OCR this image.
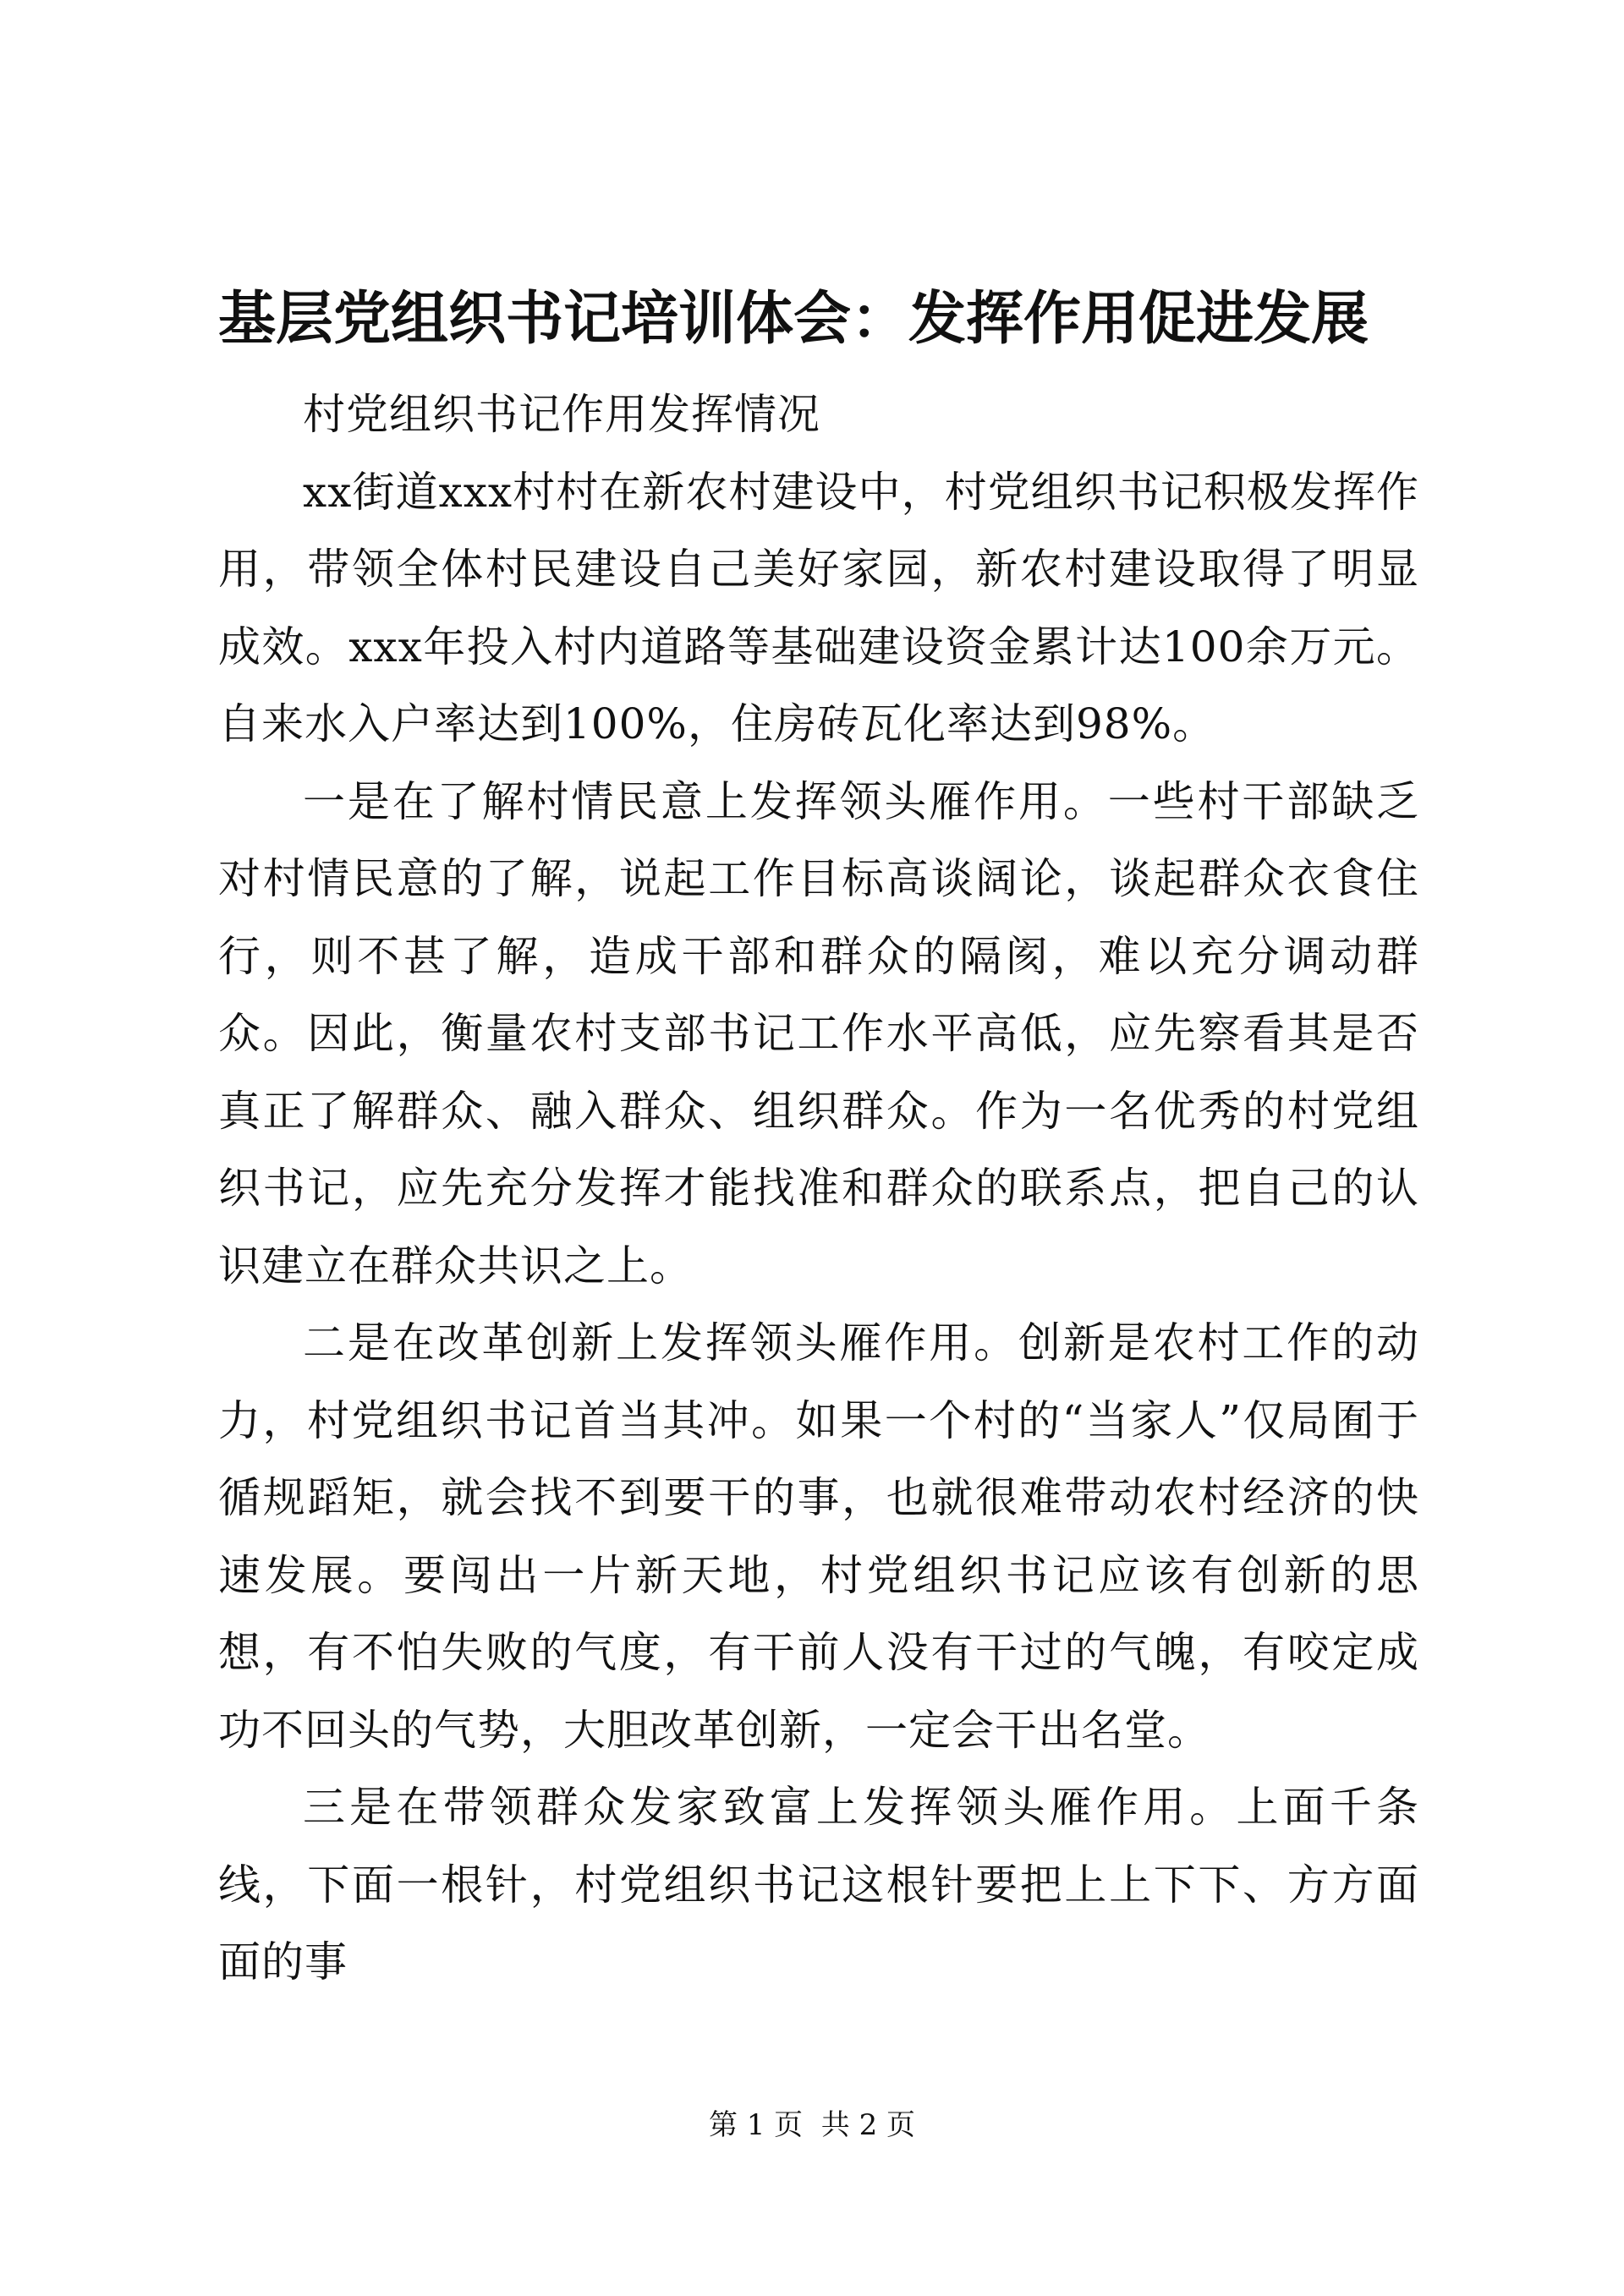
基层党组织书记培训体会：发挥作用促进发展

村党组织书记作用发挥情况

xx街道xxx村村在新农村建设中，村党组织书记积极发挥作用，带领全体村民建设自己美好家园，新农村建设取得了明显成效。xxx年投入村内道路等基础建设资金累计达100余万元。自来水入户率达到100%，住房砖瓦化率达到98%。

一是在了解村情民意上发挥领头雁作用。一些村干部缺乏对村情民意的了解，说起工作目标高谈阔论，谈起群众衣食住行，则不甚了解，造成干部和群众的隔阂，难以充分调动群众。因此，衡量农村支部书记工作水平高低，应先察看其是否真正了解群众、融入群众、组织群众。作为一名优秀的村党组织书记，应先充分发挥才能找准和群众的联系点，把自己的认识建立在群众共识之上。

二是在改革创新上发挥领头雁作用。创新是农村工作的动力，村党组织书记首当其冲。如果一个村的“当家人”仅局囿于循规蹈矩，就会找不到要干的事，也就很难带动农村经济的快速发展。要闯出一片新天地，村党组织书记应该有创新的思想，有不怕失败的气度，有干前人没有干过的气魄，有咬定成功不回头的气势，大胆改革创新，一定会干出名堂。

三是在带领群众发家致富上发挥领头雁作用。上面千条线，下面一根针，村党组织书记这根针要把上上下下、方方面面的事

第 1 页  共 2 页
